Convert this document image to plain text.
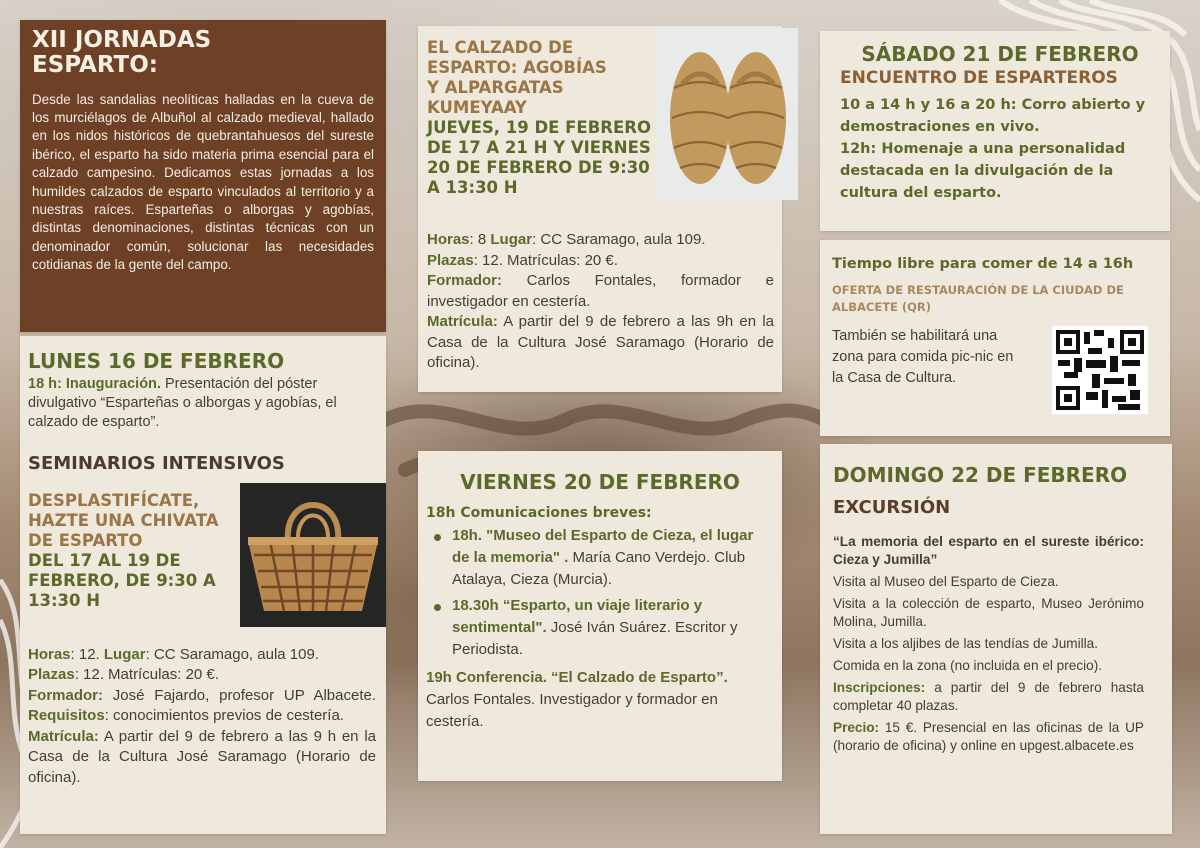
XII JORNADAS
ESPARTO:

Desde las sandalias neolíticas halladas en la cueva de los murciélagos de Albuñol al calzado medieval, hallado en los nidos históricos de quebrantahuesos del sureste ibérico, el esparto ha sido materia prima esencial para el calzado campesino. Dedicamos estas jornadas a los humildes calzados de esparto vinculados al territorio y a nuestras raíces. Esparteñas o alborgas y agobías, distintas denominaciones, distintas técnicas con un denominador común, solucionar las necesidades cotidianas de la gente del campo.

LUNES 16 DE FEBRERO

18 h: Inauguración. Presentación del póster divulgativo “Esparteñas o alborgas y agobías, el calzado de esparto”.

SEMINARIOS INTENSIVOS
DESPLASTIFÍCATE,
HAZTE UNA CHIVATA
DE ESPARTO
DEL 17 AL 19 DE FEBRERO, DE 9:30 A 13:30 H
Horas: 12. Lugar: CC Saramago, aula 109.
Plazas: 12. Matrículas: 20 €.
Formador: José Fajardo, profesor UP Albacete. Requisitos: conocimientos previos de cestería.
Matrícula: A partir del 9 de febrero a las 9 h en la Casa de la Cultura José Saramago (Horario de oficina).
EL CALZADO DE
ESPARTO: AGOBÍAS
Y ALPARGATAS
KUMEYAAY
JUEVES, 19 DE FEBRERO DE 17 A 21 H Y VIERNES 20 DE FEBRERO DE 9:30 A 13:30 H
Horas: 8 Lugar: CC Saramago, aula 109.
Plazas: 12. Matrículas: 20 €.
Formador: Carlos Fontales, formador e investigador en cestería.
Matrícula: A partir del 9 de febrero a las 9h en la Casa de la Cultura José Saramago (Horario de oficina).
VIERNES 20 DE FEBRERO
18h Comunicaciones breves:
18h. "Museo del Esparto de Cieza, el lugar de la memoria" . María Cano Verdejo. Club Atalaya, Cieza (Murcia).
18.30h “Esparto, un viaje literario y sentimental". José Iván Suárez. Escritor y Periodista.

19h Conferencia. “El Calzado de Esparto”. Carlos Fontales. Investigador y formador en cestería.

SÁBADO 21 DE FEBRERO
ENCUENTRO DE ESPARTEROS

10 a 14 h y 16 a 20 h: Corro abierto y demostraciones en vivo.

12h: Homenaje a una personalidad destacada en la divulgación de la cultura del esparto.

Tiempo libre para comer de 14 a 16h
OFERTA DE RESTAURACIÓN DE LA CIUDAD DE ALBACETE (QR)

También se habilitará una zona para comida pic-nic en la Casa de Cultura.

DOMINGO 22 DE FEBRERO
EXCURSIÓN
“La memoria del esparto en el sureste ibérico: Cieza y Jumilla”
Visita al Museo del Esparto de Cieza.
Visita a la colección de esparto, Museo Jerónimo Molina, Jumilla.
Visita a los aljibes de las tendías de Jumilla.
Comida en la zona (no incluida en el precio).
Inscripciones: a partir del 9 de febrero hasta completar 40 plazas.
Precio: 15 €. Presencial en las oficinas de la UP (horario de oficina) y online en upgest.albacete.es
